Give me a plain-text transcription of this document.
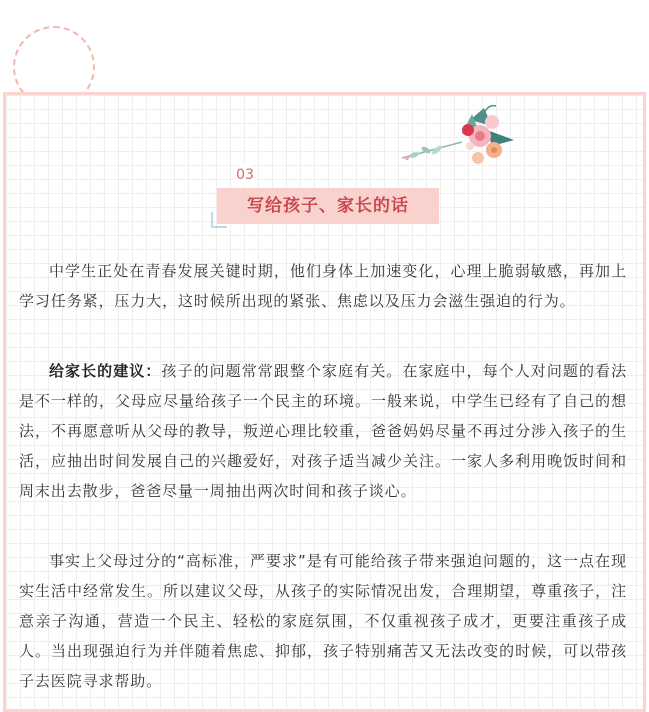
03
写给孩子、家长的话

中学生正处在青春发展关键时期，他们身体上加速变化，心理上脆弱敏感，再加上学习任务紧，压力大，这时候所出现的紧张、焦虑以及压力会滋生强迫的行为。

给家长的建议：孩子的问题常常跟整个家庭有关。在家庭中，每个人对问题的看法是不一样的，父母应尽量给孩子一个民主的环境。一般来说，中学生已经有了自己的想法，不再愿意听从父母的教导，叛逆心理比较重，爸爸妈妈尽量不再过分涉入孩子的生活，应抽出时间发展自己的兴趣爱好，对孩子适当减少关注。一家人多利用晚饭时间和周末出去散步，爸爸尽量一周抽出两次时间和孩子谈心。

事实上父母过分的“高标准，严要求”是有可能给孩子带来强迫问题的，这一点在现实生活中经常发生。所以建议父母，从孩子的实际情况出发，合理期望，尊重孩子，注意亲子沟通，营造一个民主、轻松的家庭氛围，不仅重视孩子成才，更要注重孩子成人。当出现强迫行为并伴随着焦虑、抑郁，孩子特别痛苦又无法改变的时候，可以带孩子去医院寻求帮助。
